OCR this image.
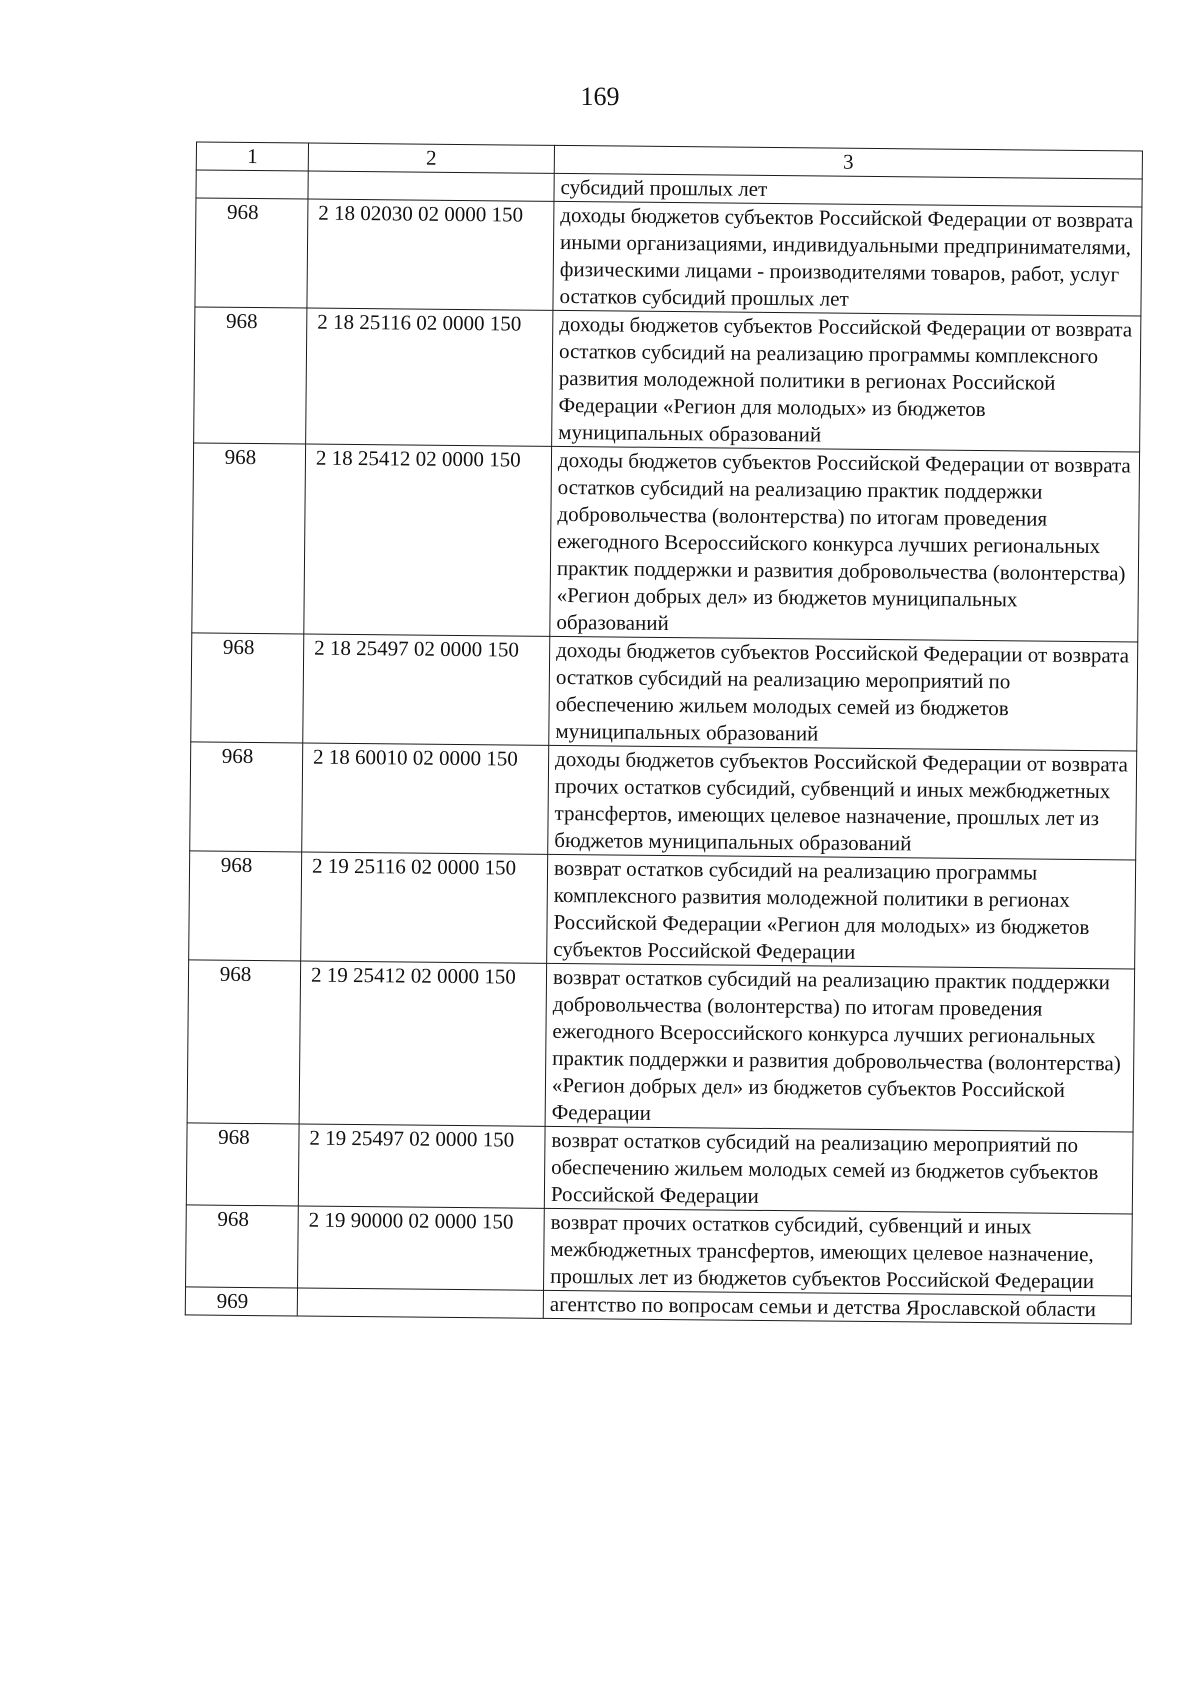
169
1	2	3
		субсидий прошлых лет
968	2 18 02030 02 0000 150	доходы бюджетов субъектов Российской Федерации от возврата иными организациями, индивидуальными предпринимателями, физическими лицами - производителями товаров, работ, услуг остатков субсидий прошлых лет
968	2 18 25116 02 0000 150	доходы бюджетов субъектов Российской Федерации от возврата остатков субсидий на реализацию программы комплексного развития молодежной политики в регионах Российской Федерации «Регион для молодых» из бюджетов муниципальных образований
968	2 18 25412 02 0000 150	доходы бюджетов субъектов Российской Федерации от возврата остатков субсидий на реализацию практик поддержки добровольчества (волонтерства) по итогам проведения ежегодного Всероссийского конкурса лучших региональных практик поддержки и развития добровольчества (волонтерства) «Регион добрых дел» из бюджетов муниципальных образований
968	2 18 25497 02 0000 150	доходы бюджетов субъектов Российской Федерации от возврата остатков субсидий на реализацию мероприятий по обеспечению жильем молодых семей из бюджетов муниципальных образований
968	2 18 60010 02 0000 150	доходы бюджетов субъектов Российской Федерации от возврата прочих остатков субсидий, субвенций и иных межбюджетных трансфертов, имеющих целевое назначение, прошлых лет из бюджетов муниципальных образований
968	2 19 25116 02 0000 150	возврат остатков субсидий на реализацию программы комплексного развития молодежной политики в регионах Российской Федерации «Регион для молодых» из бюджетов субъектов Российской Федерации
968	2 19 25412 02 0000 150	возврат остатков субсидий на реализацию практик поддержки добровольчества (волонтерства) по итогам проведения ежегодного Всероссийского конкурса лучших региональных практик поддержки и развития добровольчества (волонтерства) «Регион добрых дел» из бюджетов субъектов Российской Федерации
968	2 19 25497 02 0000 150	возврат остатков субсидий на реализацию мероприятий по обеспечению жильем молодых семей из бюджетов субъектов Российской Федерации
968	2 19 90000 02 0000 150	возврат прочих остатков субсидий, субвенций и иных межбюджетных трансфертов, имеющих целевое назначение, прошлых лет из бюджетов субъектов Российской Федерации
969		агентство по вопросам семьи и детства Ярославской области
